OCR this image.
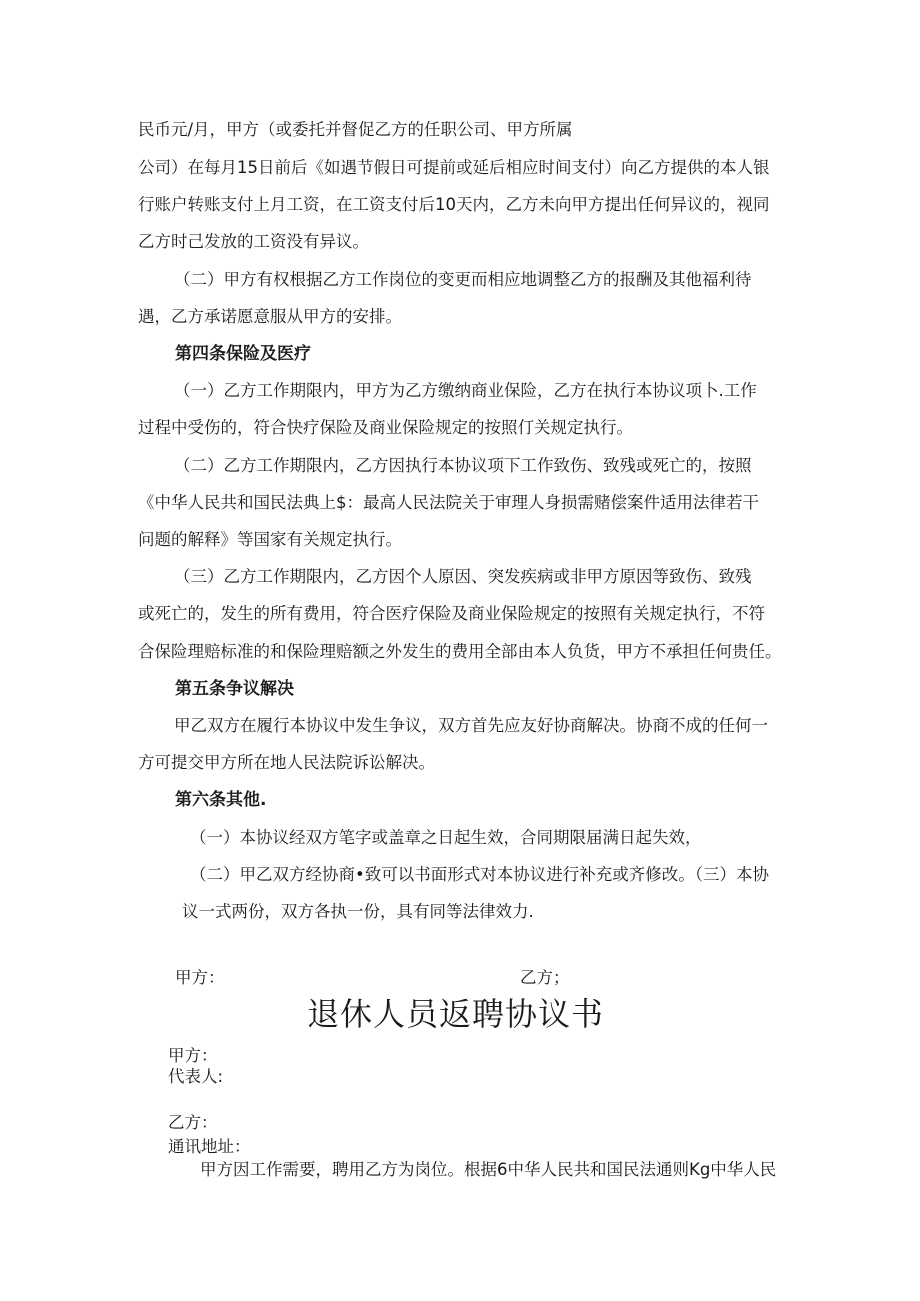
民币元/月，甲方（或委托并督促乙方的任职公司、甲方所属
公司）在每月15日前后《如遇节假日可提前或延后相应时间支付）向乙方提供的本人银
行账户转账支付上月工资，在工资支付后10天内，乙方未向甲方提出任何异议的，视同
乙方时己发放的工资没有异议。
（二）甲方有权根据乙方工作岗位的变更而相应地调整乙方的报酬及其他福利待
遇，乙方承诺愿意服从甲方的安排。
第四条保险及医疗
（一）乙方工作期限内，甲方为乙方缴纳商业保险，乙方在执行本协议项卜.工作
过程中受伤的，符合快疗保险及商业保险规定的按照仃关规定执行。
（二）乙方工作期限内，乙方因执行本协议项下工作致伤、致残或死亡的，按照
《中华人民共和国民法典上$：最高人民法院关于审理人身损需赌偿案件适用法律若干
问题的解释》等国家有关规定执行。
（三）乙方工作期限内，乙方因个人原因、突发疾病或非甲方原因等致伤、致残
或死亡的，发生的所有费用，符合医疗保险及商业保险规定的按照有关规定执行，不符
合保险理赔标准的和保险理赔额之外发生的费用全部由本人负货，甲方不承担任何贵任。
第五条争议解决
甲乙双方在履行本协议中发生争议，双方首先应友好协商解决。协商不成的任何一
方可提交甲方所在地人民法院诉讼解决。
第六条其他.
（一）本协议经双方笔字或盖章之日起生效，合同期限届满日起失效，
（二）甲乙双方经协商•致可以书面形式对本协议进行补充或齐修改。（三）本协
议一式两份，双方各执一份，具有同等法律效力.
甲方：	乙方；
退休人员返聘协议书
甲方：
代表人:
乙方：
通讯地址：
甲方因工作需要，聘用乙方为岗位。根据6中华人民共和国民法通则Kg中华人民
